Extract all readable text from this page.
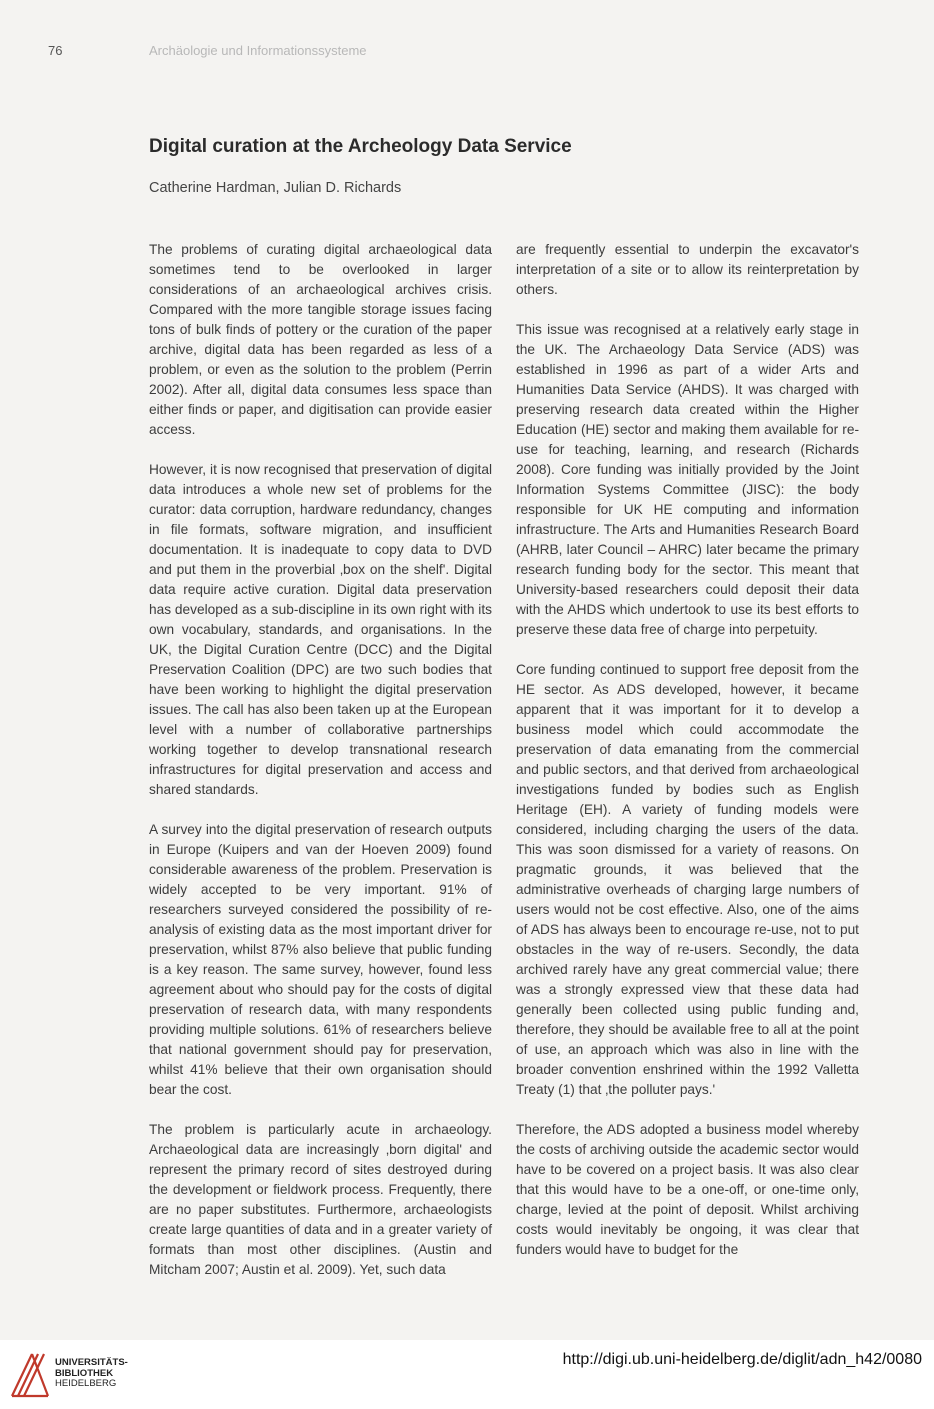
76	Archäologie und Informationssysteme
Digital curation at the Archeology Data Service
Catherine Hardman, Julian D. Richards

The problems of curating digital archaeological data sometimes tend to be overlooked in larger considerations of an archaeological archives crisis. Compared with the more tangible storage issues facing tons of bulk finds of pottery or the curation of the paper archive, digital data has been regarded as less of a problem, or even as the solution to the problem (Perrin 2002). After all, digital data consumes less space than either finds or paper, and digitisation can provide easier access.

However, it is now recognised that preservation of digital data introduces a whole new set of problems for the curator: data corruption, hardware redundancy, changes in file formats, software migration, and insufficient documentation. It is inadequate to copy data to DVD and put them in the proverbial ‚box on the shelf'. Digital data require active curation. Digital data preservation has developed as a sub-discipline in its own right with its own vocabulary, standards, and organisations. In the UK, the Digital Curation Centre (DCC) and the Digital Preservation Coalition (DPC) are two such bodies that have been working to highlight the digital preservation issues. The call has also been taken up at the European level with a number of collaborative partnerships working together to develop transnational research infrastructures for digital preservation and access and shared standards.

A survey into the digital preservation of research outputs in Europe (Kuipers and van der Hoeven 2009) found considerable awareness of the problem. Preservation is widely accepted to be very important. 91% of researchers surveyed considered the possibility of re-analysis of existing data as the most important driver for preservation, whilst 87% also believe that public funding is a key reason. The same survey, however, found less agreement about who should pay for the costs of digital preservation of research data, with many respondents providing multiple solutions. 61% of researchers believe that national government should pay for preservation, whilst 41% believe that their own organisation should bear the cost.

The problem is particularly acute in archaeology. Archaeological data are increasingly ‚born digital' and represent the primary record of sites destroyed during the development or fieldwork process. Frequently, there are no paper substitutes. Furthermore, archaeologists create large quantities of data and in a greater variety of formats than most other disciplines. (Austin and Mitcham 2007; Austin et al. 2009). Yet, such data

are frequently essential to underpin the excavator's interpretation of a site or to allow its reinterpretation by others.

This issue was recognised at a relatively early stage in the UK. The Archaeology Data Service (ADS) was established in 1996 as part of a wider Arts and Humanities Data Service (AHDS). It was charged with preserving research data created within the Higher Education (HE) sector and making them available for re-use for teaching, learning, and research (Richards 2008). Core funding was initially provided by the Joint Information Systems Committee (JISC): the body responsible for UK HE computing and information infrastructure. The Arts and Humanities Research Board (AHRB, later Council – AHRC) later became the primary research funding body for the sector. This meant that University-based researchers could deposit their data with the AHDS which undertook to use its best efforts to preserve these data free of charge into perpetuity.

Core funding continued to support free deposit from the HE sector. As ADS developed, however, it became apparent that it was important for it to develop a business model which could accommodate the preservation of data emanating from the commercial and public sectors, and that derived from archaeological investigations funded by bodies such as English Heritage (EH). A variety of funding models were considered, including charging the users of the data. This was soon dismissed for a variety of reasons. On pragmatic grounds, it was believed that the administrative overheads of charging large numbers of users would not be cost effective. Also, one of the aims of ADS has always been to encourage re-use, not to put obstacles in the way of re-users. Secondly, the data archived rarely have any great commercial value; there was a strongly expressed view that these data had generally been collected using public funding and, therefore, they should be available free to all at the point of use, an approach which was also in line with the broader convention enshrined within the 1992 Valletta Treaty (1) that ‚the polluter pays.'

Therefore, the ADS adopted a business model whereby the costs of archiving outside the academic sector would have to be covered on a project basis. It was also clear that this would have to be a one-off, or one-time only, charge, levied at the point of deposit. Whilst archiving costs would inevitably be ongoing, it was clear that funders would have to budget for the

UNIVERSITÄTS-
BIBLIOTHEK
HEIDELBERG
http://digi.ub.uni-heidelberg.de/diglit/adn_h42/0080
